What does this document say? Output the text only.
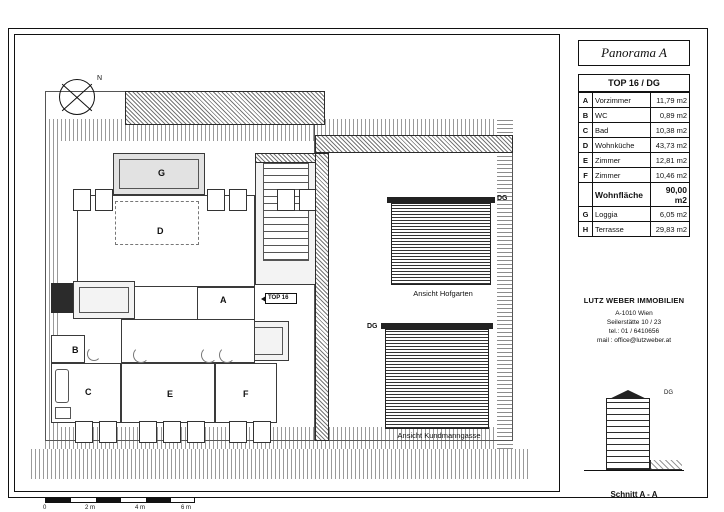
G
D
A	TOP 16
B
C	E	F
DG
Ansicht Hofgarten
DG
Ansicht Kundmanngasse
N
0	2 m	4 m	6 m
Panorama A
TOP 16 / DG
A	Vorzimmer	11,79 m2
B	WC	0,89 m2
C	Bad	10,38 m2
D	Wohnküche	43,73 m2
E	Zimmer	12,81 m2
F	Zimmer	10,46 m2
	Wohnfläche	90,00 m2
G	Loggia	6,05 m2
H	Terrasse	29,83 m2
LUTZ WEBER IMMOBILIEN
A-1010 Wien
Seilerstätte 10 / 23
tel.: 01 / 6410656
mail : office@lutzweber.at
DG
Schnitt A - A
